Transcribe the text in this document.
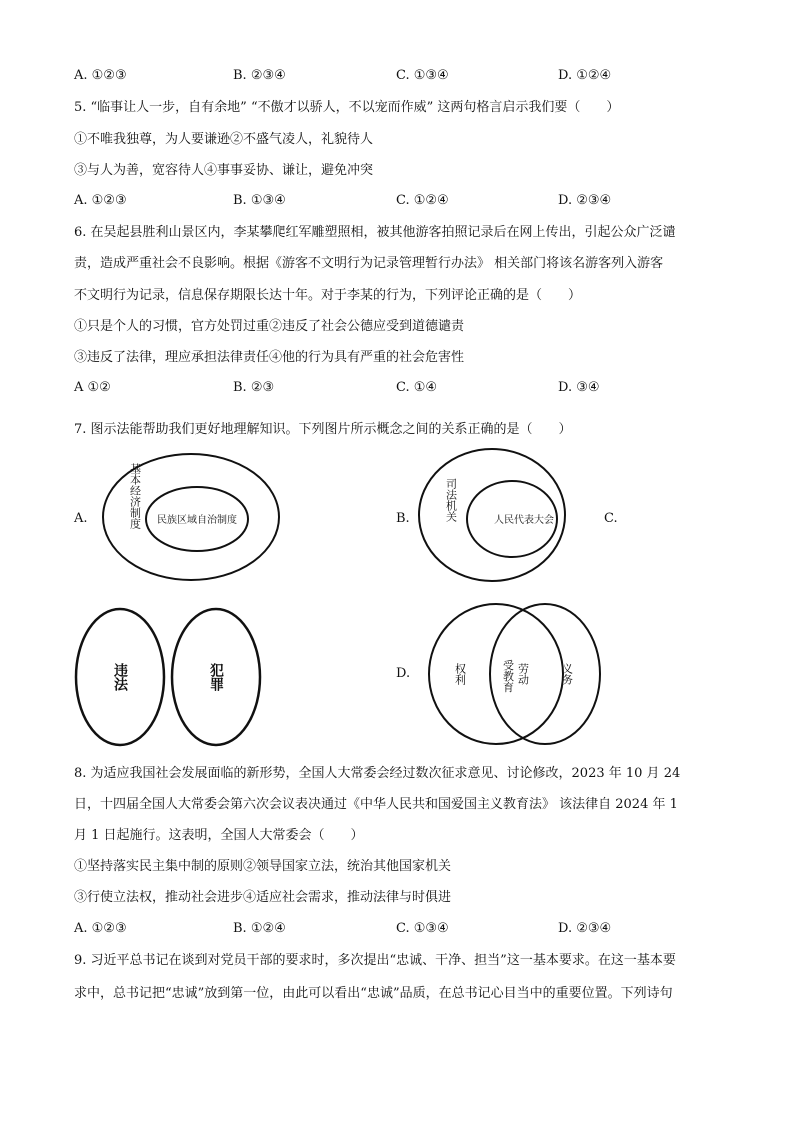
A. ①②③	B. ②③④	C. ①③④	D. ①②④
5. “临事让人一步，自有余地” “不傲才以骄人，不以宠而作威” 这两句格言启示我们要（　　）
①不唯我独尊，为人要谦逊②不盛气凌人，礼貌待人
③与人为善，宽容待人④事事妥协、谦让，避免冲突
A. ①②③	B. ①③④	C. ①②④	D. ②③④
6. 在吴起县胜利山景区内，李某攀爬红军雕塑照相，被其他游客拍照记录后在网上传出，引起公众广泛谴
责，造成严重社会不良影响。根据《游客不文明行为记录管理暂行办法》 相关部门将该名游客列入游客
不文明行为记录，信息保存期限长达十年。对于李某的行为，下列评论正确的是（　　）
①只是个人的习惯，官方处罚过重②违反了社会公德应受到道德谴责
③违反了法律，理应承担法律责任④他的行为具有严重的社会危害性
A ①②	B. ②③	C. ①④	D. ③④
7. 图示法能帮助我们更好地理解知识。下列图片所示概念之间的关系正确的是（　　）
A.	B.	C.
D.
基本经济制度 民族区域自治制度	司法机关	人民代表大会
违法	犯罪	权利	受教育 劳动	义务
8. 为适应我国社会发展面临的新形势，全国人大常委会经过数次征求意见、讨论修改，2023 年 10 月 24
日，十四届全国人大常委会第六次会议表决通过《中华人民共和国爱国主义教育法》 该法律自 2024 年 1
月 1 日起施行。这表明，全国人大常委会（　　）
①坚持落实民主集中制的原则②领导国家立法，统治其他国家机关
③行使立法权，推动社会进步④适应社会需求，推动法律与时俱进
A. ①②③	B. ①②④	C. ①③④	D. ②③④
9. 习近平总书记在谈到对党员干部的要求时，多次提出“忠诚、干净、担当”这一基本要求。在这一基本要
求中，总书记把“忠诚”放到第一位，由此可以看出“忠诚”品质，在总书记心目当中的重要位置。下列诗句
